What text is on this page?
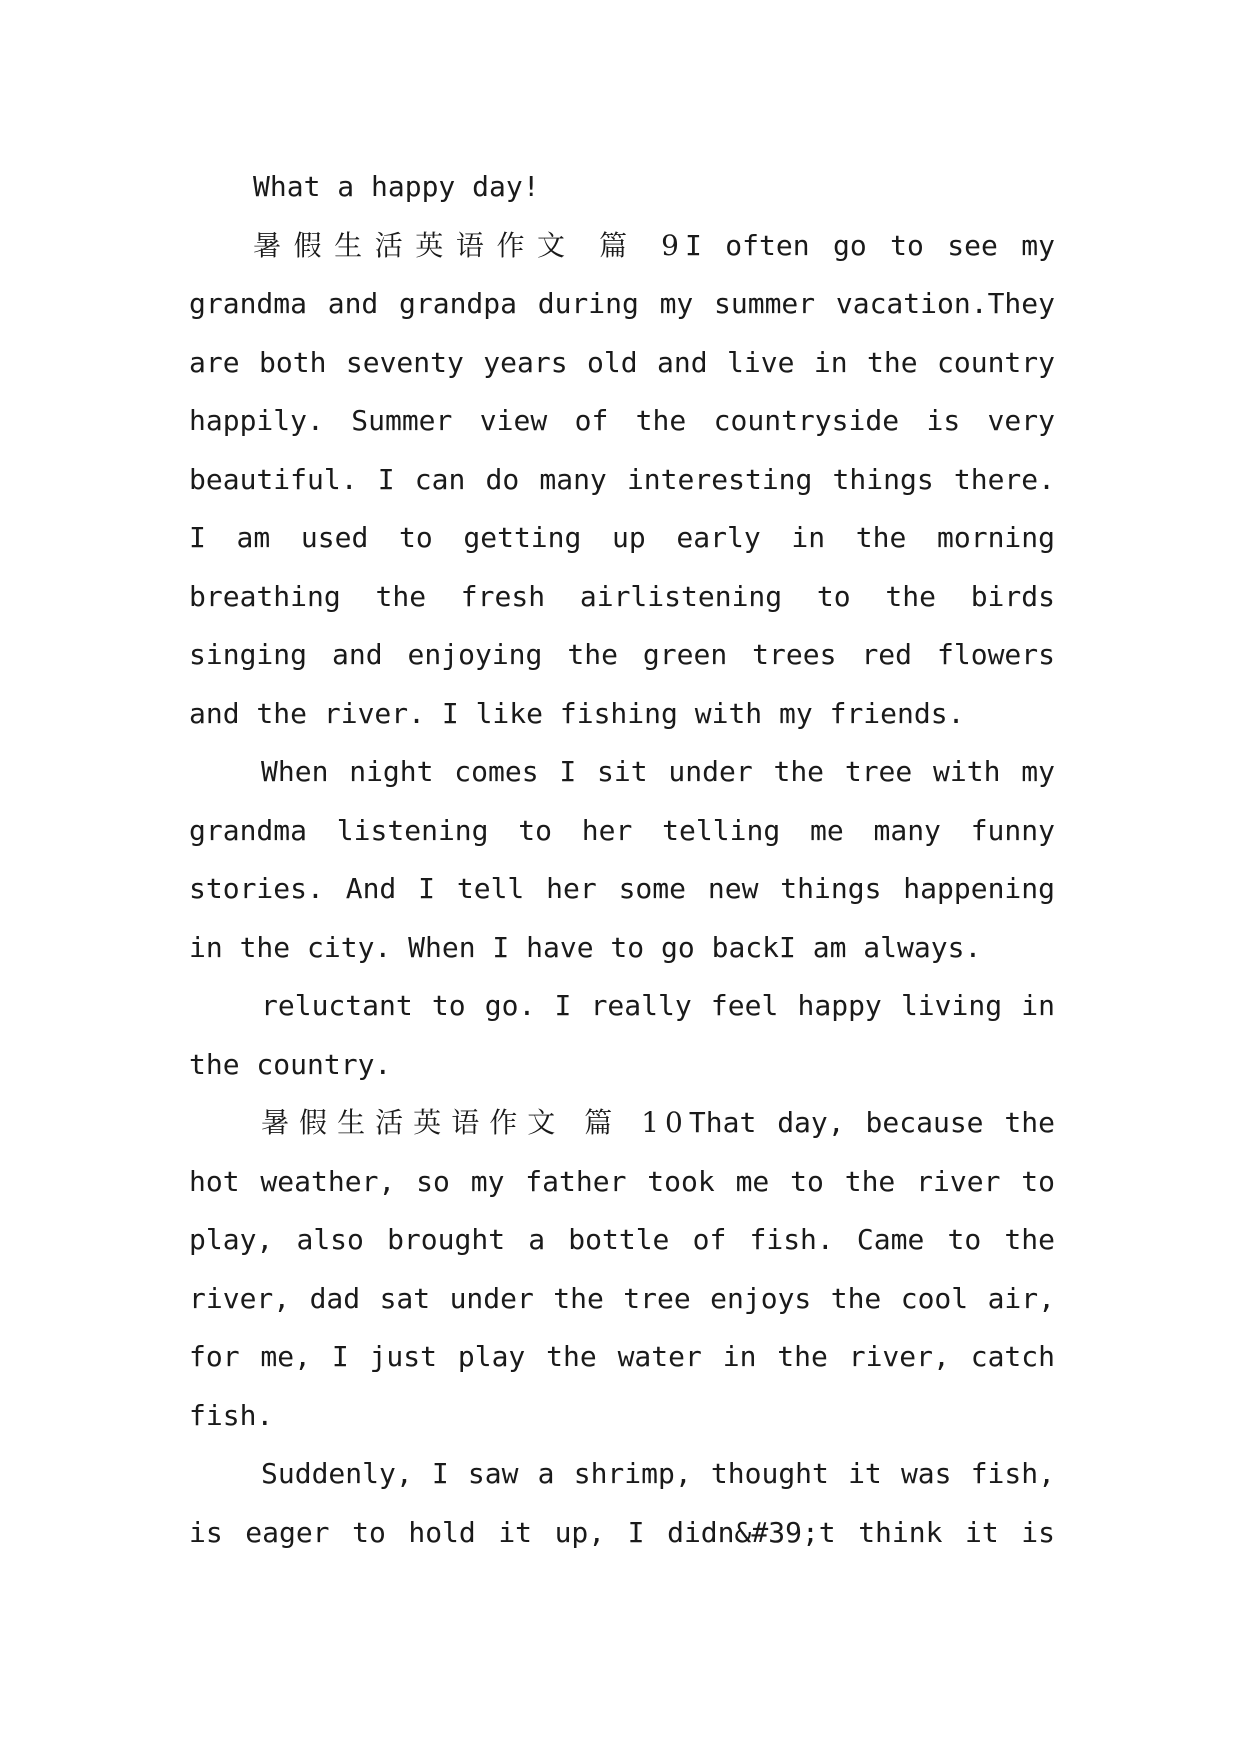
What a happy day!
暑假生活英语作文 篇 9I often go to see my
grandma and grandpa during my summer vacation.They
are both seventy years old and live in the country
happily. Summer view of the countryside is very
beautiful. I can do many interesting things there.
I am used to getting up early in the morning
breathing the fresh airlistening to the birds
singing and enjoying the green trees red flowers
and the river. I like fishing with my friends.
When night comes I sit under the tree with my
grandma listening to her telling me many funny
stories. And I tell her some new things happening
in the city. When I have to go backI am always.
reluctant to go. I really feel happy living in
the country.
暑假生活英语作文 篇 10That day, because the
hot weather, so my father took me to the river to
play, also brought a bottle of fish. Came to the
river, dad sat under the tree enjoys the cool air,
for me, I just play the water in the river, catch
fish.
Suddenly, I saw a shrimp, thought it was fish,
is eager to hold it up, I didn&#39;t think it is
